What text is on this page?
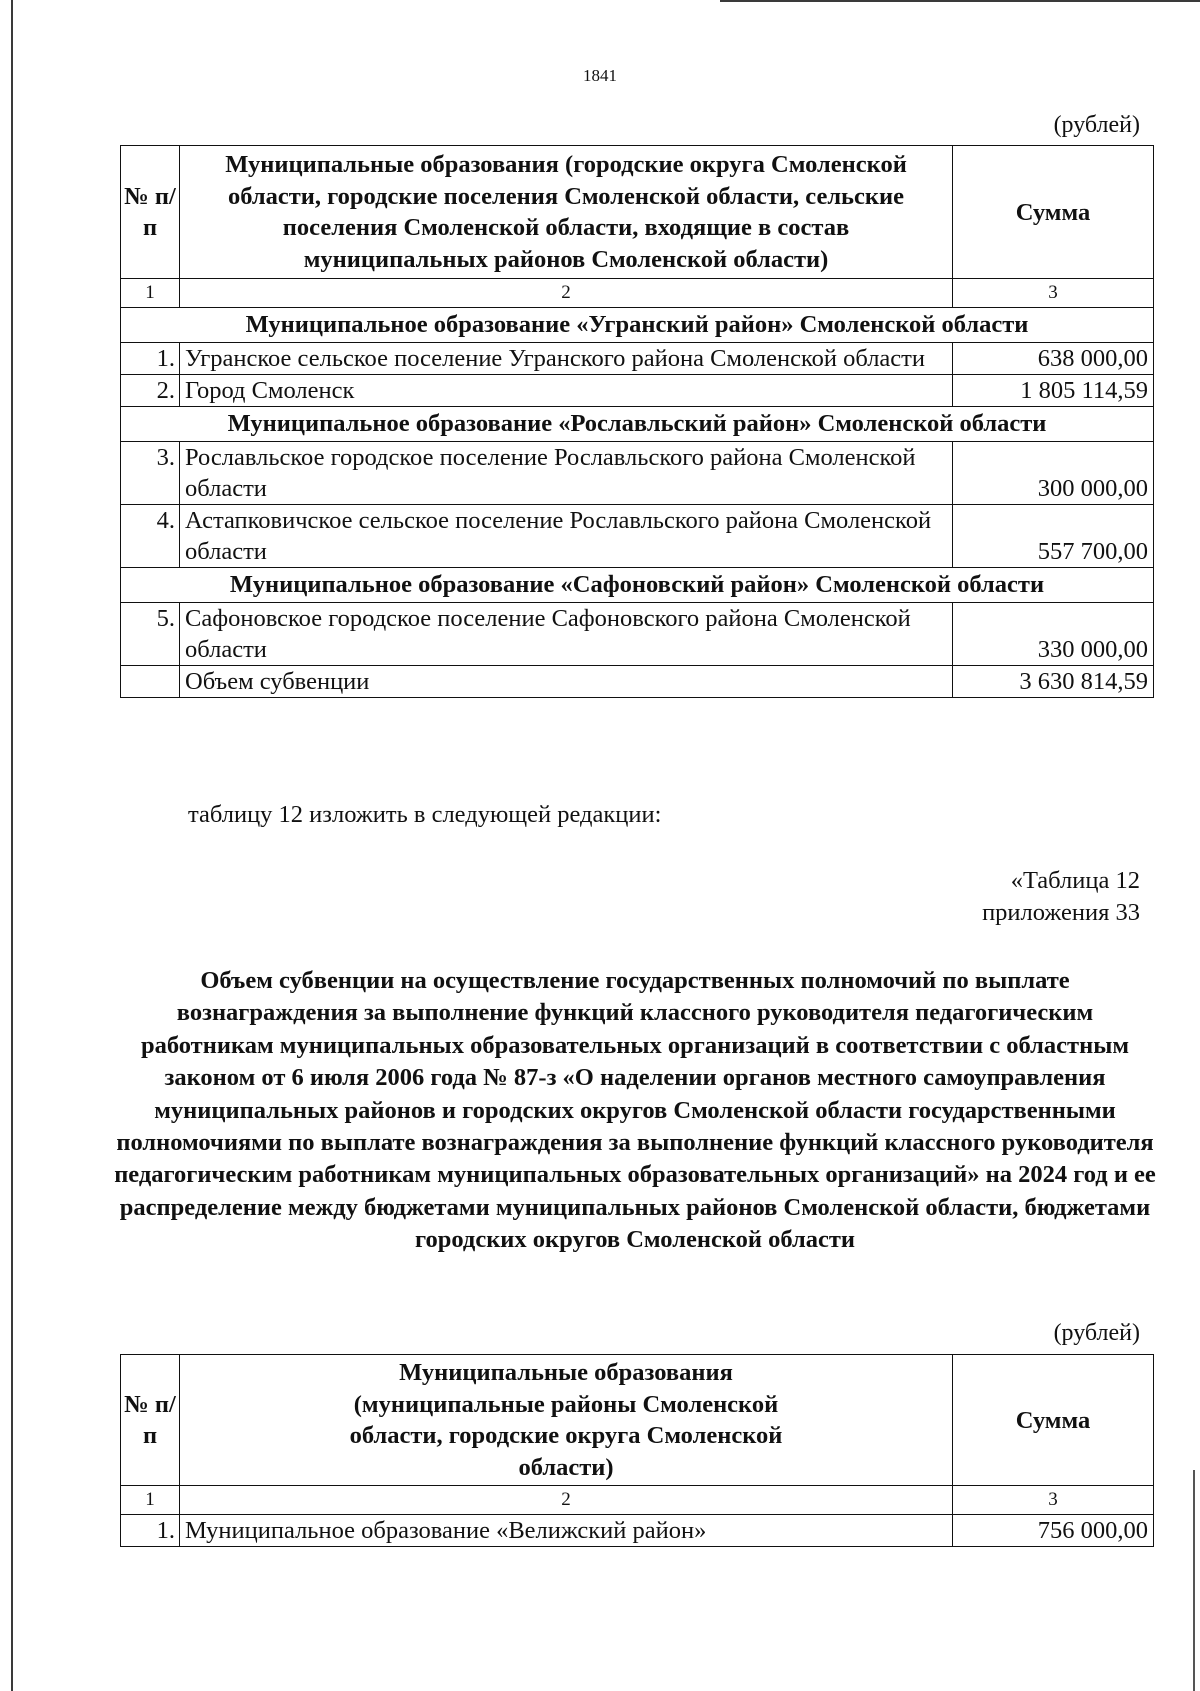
1841
(рублей)
№ п/п	Муниципальные образования (городские округа Смоленской области, городские поселения Смоленской области, сельские поселения Смоленской области, входящие в состав муниципальных районов Смоленской области)	Сумма
1	2	3
Муниципальное образование «Угранский район» Смоленской области		
1.	Угранское сельское поселение Угранского района Смоленской области	638 000,00
2.	Город Смоленск	1 805 114,59
Муниципальное образование «Рославльский район» Смоленской области		
3.	Рославльское городское поселение Рославльского района Смоленской области	300 000,00
4.	Астапковичское сельское поселение Рославльского района Смоленской области	557 700,00
Муниципальное образование «Сафоновский район» Смоленской области		
5.	Сафоновское городское поселение Сафоновского района Смоленской области	330 000,00
	Объем субвенции	3 630 814,59
таблицу 12 изложить в следующей редакции:
«Таблица 12
приложения 33
Объем субвенции на осуществление государственных полномочий по выплате вознаграждения за выполнение функций классного руководителя педагогическим работникам муниципальных образовательных организаций в соответствии с областным законом от 6 июля 2006 года № 87-з «О наделении органов местного самоуправления муниципальных районов и городских округов Смоленской области государственными полномочиями по выплате вознаграждения за выполнение функций классного руководителя педагогическим работникам муниципальных образовательных организаций» на 2024 год и ее распределение между бюджетами муниципальных районов Смоленской области, бюджетами городских округов Смоленской области
(рублей)
№ п/п	Муниципальные образования (муниципальные районы Смоленской области, городские округа Смоленской области)	Сумма
1	2	3
1.	Муниципальное образование «Велижский район»	756 000,00
